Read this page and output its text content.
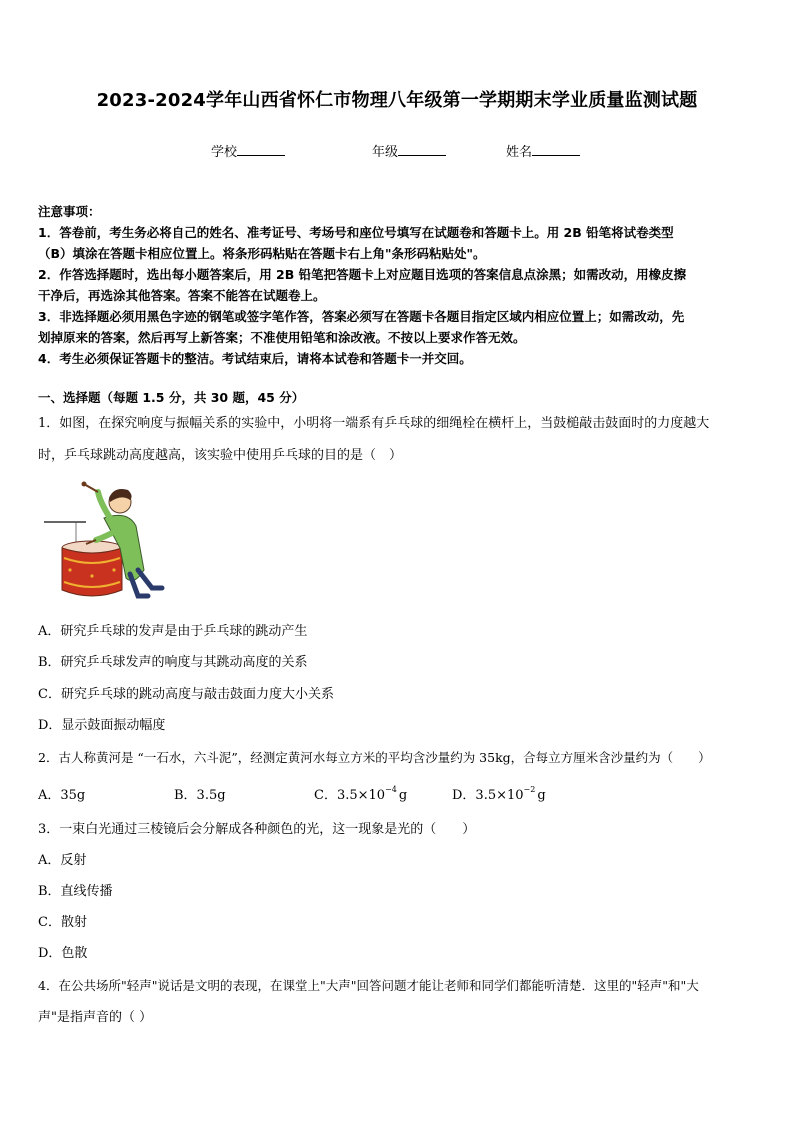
2023-2024学年山西省怀仁市物理八年级第一学期期末学业质量监测试题
学校	年级	姓名
注意事项：
1．答卷前，考生务必将自己的姓名、准考证号、考场号和座位号填写在试题卷和答题卡上。用 2B 铅笔将试卷类型
（B）填涂在答题卡相应位置上。将条形码粘贴在答题卡右上角"条形码粘贴处"。
2．作答选择题时，选出每小题答案后，用 2B 铅笔把答题卡上对应题目选项的答案信息点涂黑；如需改动，用橡皮擦
干净后，再选涂其他答案。答案不能答在试题卷上。
3．非选择题必须用黑色字迹的钢笔或签字笔作答，答案必须写在答题卡各题目指定区域内相应位置上；如需改动，先
划掉原来的答案，然后再写上新答案；不准使用铅笔和涂改液。不按以上要求作答无效。
4．考生必须保证答题卡的整洁。考试结束后，请将本试卷和答题卡一并交回。
一、选择题（每题 1.5 分，共 30 题，45 分）
1．如图，在探究响度与振幅关系的实验中，小明将一端系有乒乓球的细绳栓在横杆上，当鼓槌敲击鼓面时的力度越大
时，乒乓球跳动高度越高，该实验中使用乒乓球的目的是（　）
A．研究乒乓球的发声是由于乒乓球的跳动产生
B．研究乒乓球发声的响度与其跳动高度的关系
C．研究乒乓球的跳动高度与敲击鼓面力度大小关系
D．显示鼓面振动幅度
2．古人称黄河是 “一石水，六斗泥”，经测定黄河水每立方米的平均含沙量约为 35kg，合每立方厘米含沙量约为（　　）
A．35g	B．3.5g	C．$3.5\times 10^{-4}$ g	D．$3.5\times 10^{-2}$ g
3．一束白光通过三棱镜后会分解成各种颜色的光，这一现象是光的（　　）
A．反射
B．直线传播
C．散射
D．色散
4．在公共场所"轻声"说话是文明的表现，在课堂上"大声"回答问题才能让老师和同学们都能听清楚．这里的"轻声"和"大
声"是指声音的（ ）
